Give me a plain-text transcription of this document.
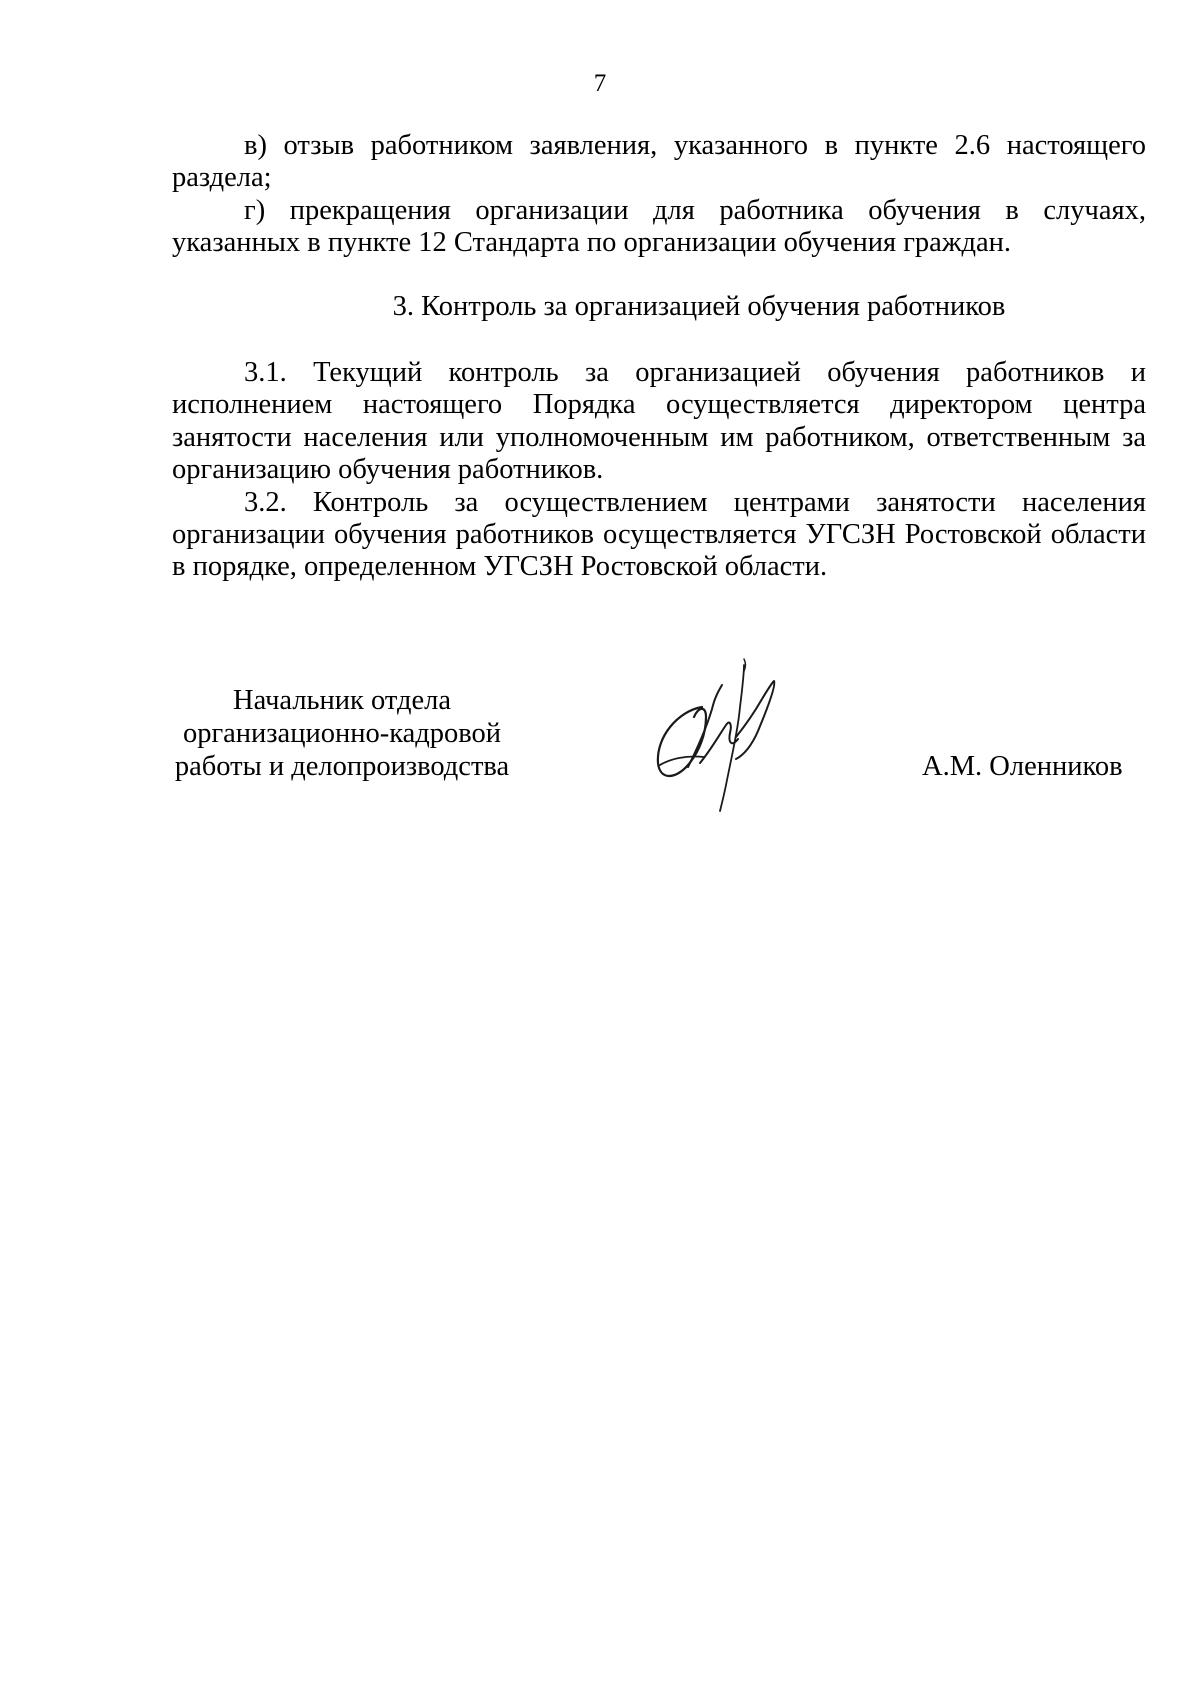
7

в) отзыв работником заявления, указанного в пункте 2.6 настоящего раздела;

г) прекращения организации для работника обучения в случаях, указанных в пункте 12 Стандарта по организации обучения граждан.

3. Контроль за организацией обучения работников

3.1. Текущий контроль за организацией обучения работников и исполнением настоящего Порядка осуществляется директором центра занятости населения или уполномоченным им работником, ответственным за организацию обучения работников.

3.2. Контроль за осуществлением центрами занятости населения организации обучения работников осуществляется УГСЗН Ростовской области в порядке, определенном УГСЗН Ростовской области.

Начальник отдела
организационно-кадровой
работы и делопроизводства	А.М. Оленников
